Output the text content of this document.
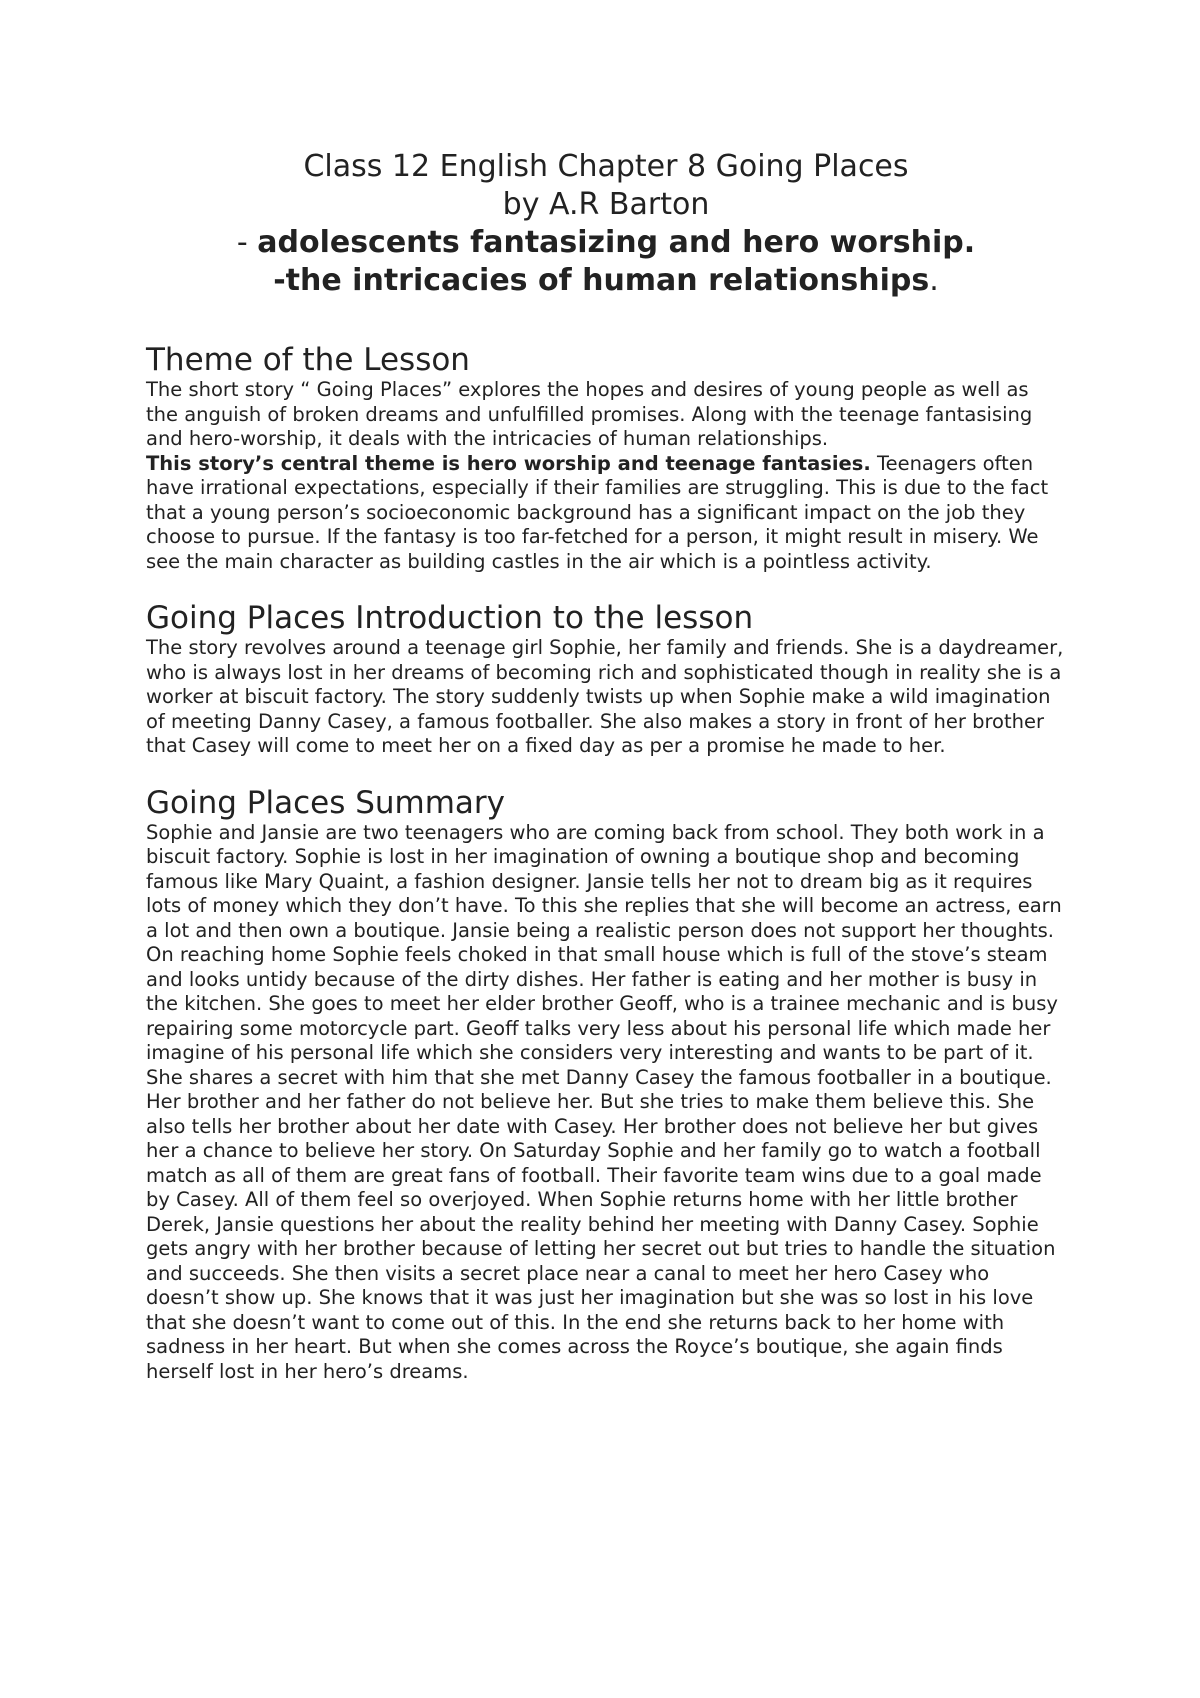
Class 12 English Chapter 8 Going Places
by A.R Barton
- adolescents fantasizing and hero worship.
-the intricacies of human relationships.
Theme of the Lesson

The short story “ Going Places” explores the hopes and desires of young people as well as the anguish of broken dreams and unfulfilled promises. Along with the teenage fantasising and hero-worship, it deals with the intricacies of human relationships.

This story’s central theme is hero worship and teenage fantasies. Teenagers often have irrational expectations, especially if their families are struggling. This is due to the fact that a young person’s socioeconomic background has a significant impact on the job they choose to pursue. If the fantasy is too far-fetched for a person, it might result in misery. We see the main character as building castles in the air which is a pointless activity.

Going Places Introduction to the lesson

The story revolves around a teenage girl Sophie, her family and friends. She is a daydreamer, who is always lost in her dreams of becoming rich and sophisticated though in reality she is a worker at biscuit factory. The story suddenly twists up when Sophie make a wild imagination of meeting Danny Casey, a famous footballer. She also makes a story in front of her brother that Casey will come to meet her on a fixed day as per a promise he made to her.

Going Places Summary

Sophie and Jansie are two teenagers who are coming back from school. They both work in a biscuit factory. Sophie is lost in her imagination of owning a boutique shop and becoming famous like Mary Quaint, a fashion designer. Jansie tells her not to dream big as it requires lots of money which they don’t have. To this she replies that she will become an actress, earn a lot and then own a boutique. Jansie being a realistic person does not support her thoughts. On reaching home Sophie feels choked in that small house which is full of the stove’s steam and looks untidy because of the dirty dishes. Her father is eating and her mother is busy in the kitchen. She goes to meet her elder brother Geoff, who is a trainee mechanic and is busy repairing some motorcycle part. Geoff talks very less about his personal life which made her imagine of his personal life which she considers very interesting and wants to be part of it. She shares a secret with him that she met Danny Casey the famous footballer in a boutique. Her brother and her father do not believe her. But she tries to make them believe this. She also tells her brother about her date with Casey. Her brother does not believe her but gives her a chance to believe her story. On Saturday Sophie and her family go to watch a football match as all of them are great fans of football. Their favorite team wins due to a goal made by Casey. All of them feel so overjoyed. When Sophie returns home with her little brother Derek, Jansie questions her about the reality behind her meeting with Danny Casey. Sophie gets angry with her brother because of letting her secret out but tries to handle the situation and succeeds. She then visits a secret place near a canal to meet her hero Casey who doesn’t show up. She knows that it was just her imagination but she was so lost in his love that she doesn’t want to come out of this. In the end she returns back to her home with sadness in her heart. But when she comes across the Royce’s boutique, she again finds herself lost in her hero’s dreams.
